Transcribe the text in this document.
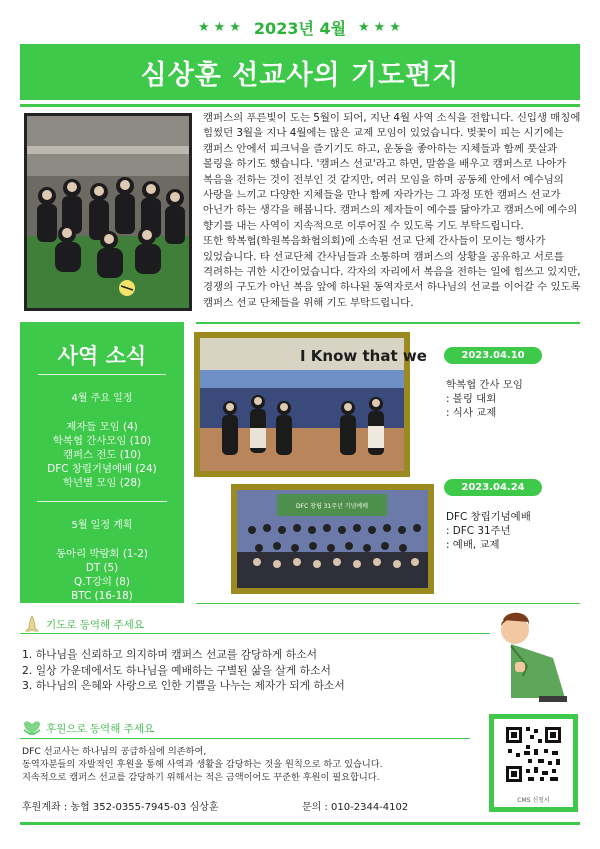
★★★ 2023년 4월 ★★★
심상훈 선교사의 기도편지

캠퍼스의 푸른빛이 도는 5월이 되어, 지난 4월 사역 소식을 전합니다. 신입생 매칭에 힘썼던 3월을 지나 4월에는 많은 교제 모임이 있었습니다. 벚꽃이 피는 시기에는 캠퍼스 안에서 피크닉을 즐기기도 하고, 운동을 좋아하는 지체들과 함께 풋살과 볼링을 하기도 했습니다. '캠퍼스 선교'라고 하면, 말씀을 배우고 캠퍼스로 나아가 복음을 전하는 것이 전부인 것 같지만, 여러 모임을 하며 공동체 안에서 예수님의 사랑을 느끼고 다양한 지체들을 만나 함께 자라가는 그 과정 또한 캠퍼스 선교가 아닌가 하는 생각을 해봅니다. 캠퍼스의 제자들이 예수를 닮아가고 캠퍼스에 예수의 향기를 내는 사역이 지속적으로 이루어질 수 있도록 기도 부탁드립니다.

또한 학복협(학원복음화협의회)에 소속된 선교 단체 간사들이 모이는 행사가 있었습니다. 타 선교단체 간사님들과 소통하며 캠퍼스의 상황을 공유하고 서로를 격려하는 귀한 시간이었습니다. 각자의 자리에서 복음을 전하는 일에 힘쓰고 있지만, 경쟁의 구도가 아닌 복음 앞에 하나된 동역자로서 하나님의 선교를 이어갈 수 있도록 캠퍼스 선교 단체들을 위해 기도 부탁드립니다.

사역 소식
4월 주요 일정
제자들 모임 (4)
학복협 간사모임 (10)
캠퍼스 전도 (10)
DFC 창립기념예배 (24)
학년별 모임 (28)
5월 일정 계획
동아리 박람회 (1-2)
DT (5)
Q.T강의 (8)
BTC (16-18)
I Know that we
DFC 창립 31주년 기념예배
2023.04.10
학복협 간사 모임
: 볼링 대회
: 식사 교제
2023.04.24
DFC 창립기념예배
: DFC 31주년
: 예배, 교제
기도로 동역해 주세요
1. 하나님을 신뢰하고 의지하며 캠퍼스 선교를 감당하게 하소서
2. 일상 가운데에서도 하나님을 예배하는 구별된 삶을 살게 하소서
3. 하나님의 은혜와 사랑으로 인한 기쁨을 나누는 제자가 되게 하소서
후원으로 동역해 주세요
DFC 선교사는 하나님의 공급하심에 의존하여,
동역자분들의 자발적인 후원을 통해 사역과 생활을 감당하는 것을 원칙으로 하고 있습니다.
지속적으로 캠퍼스 선교를 감당하기 위해서는 적은 금액이어도 꾸준한 후원이 필요합니다.
후원계좌 : 농협 352-0355-7945-03 심상훈	문의 : 010-2344-4102
CMS 신청서
